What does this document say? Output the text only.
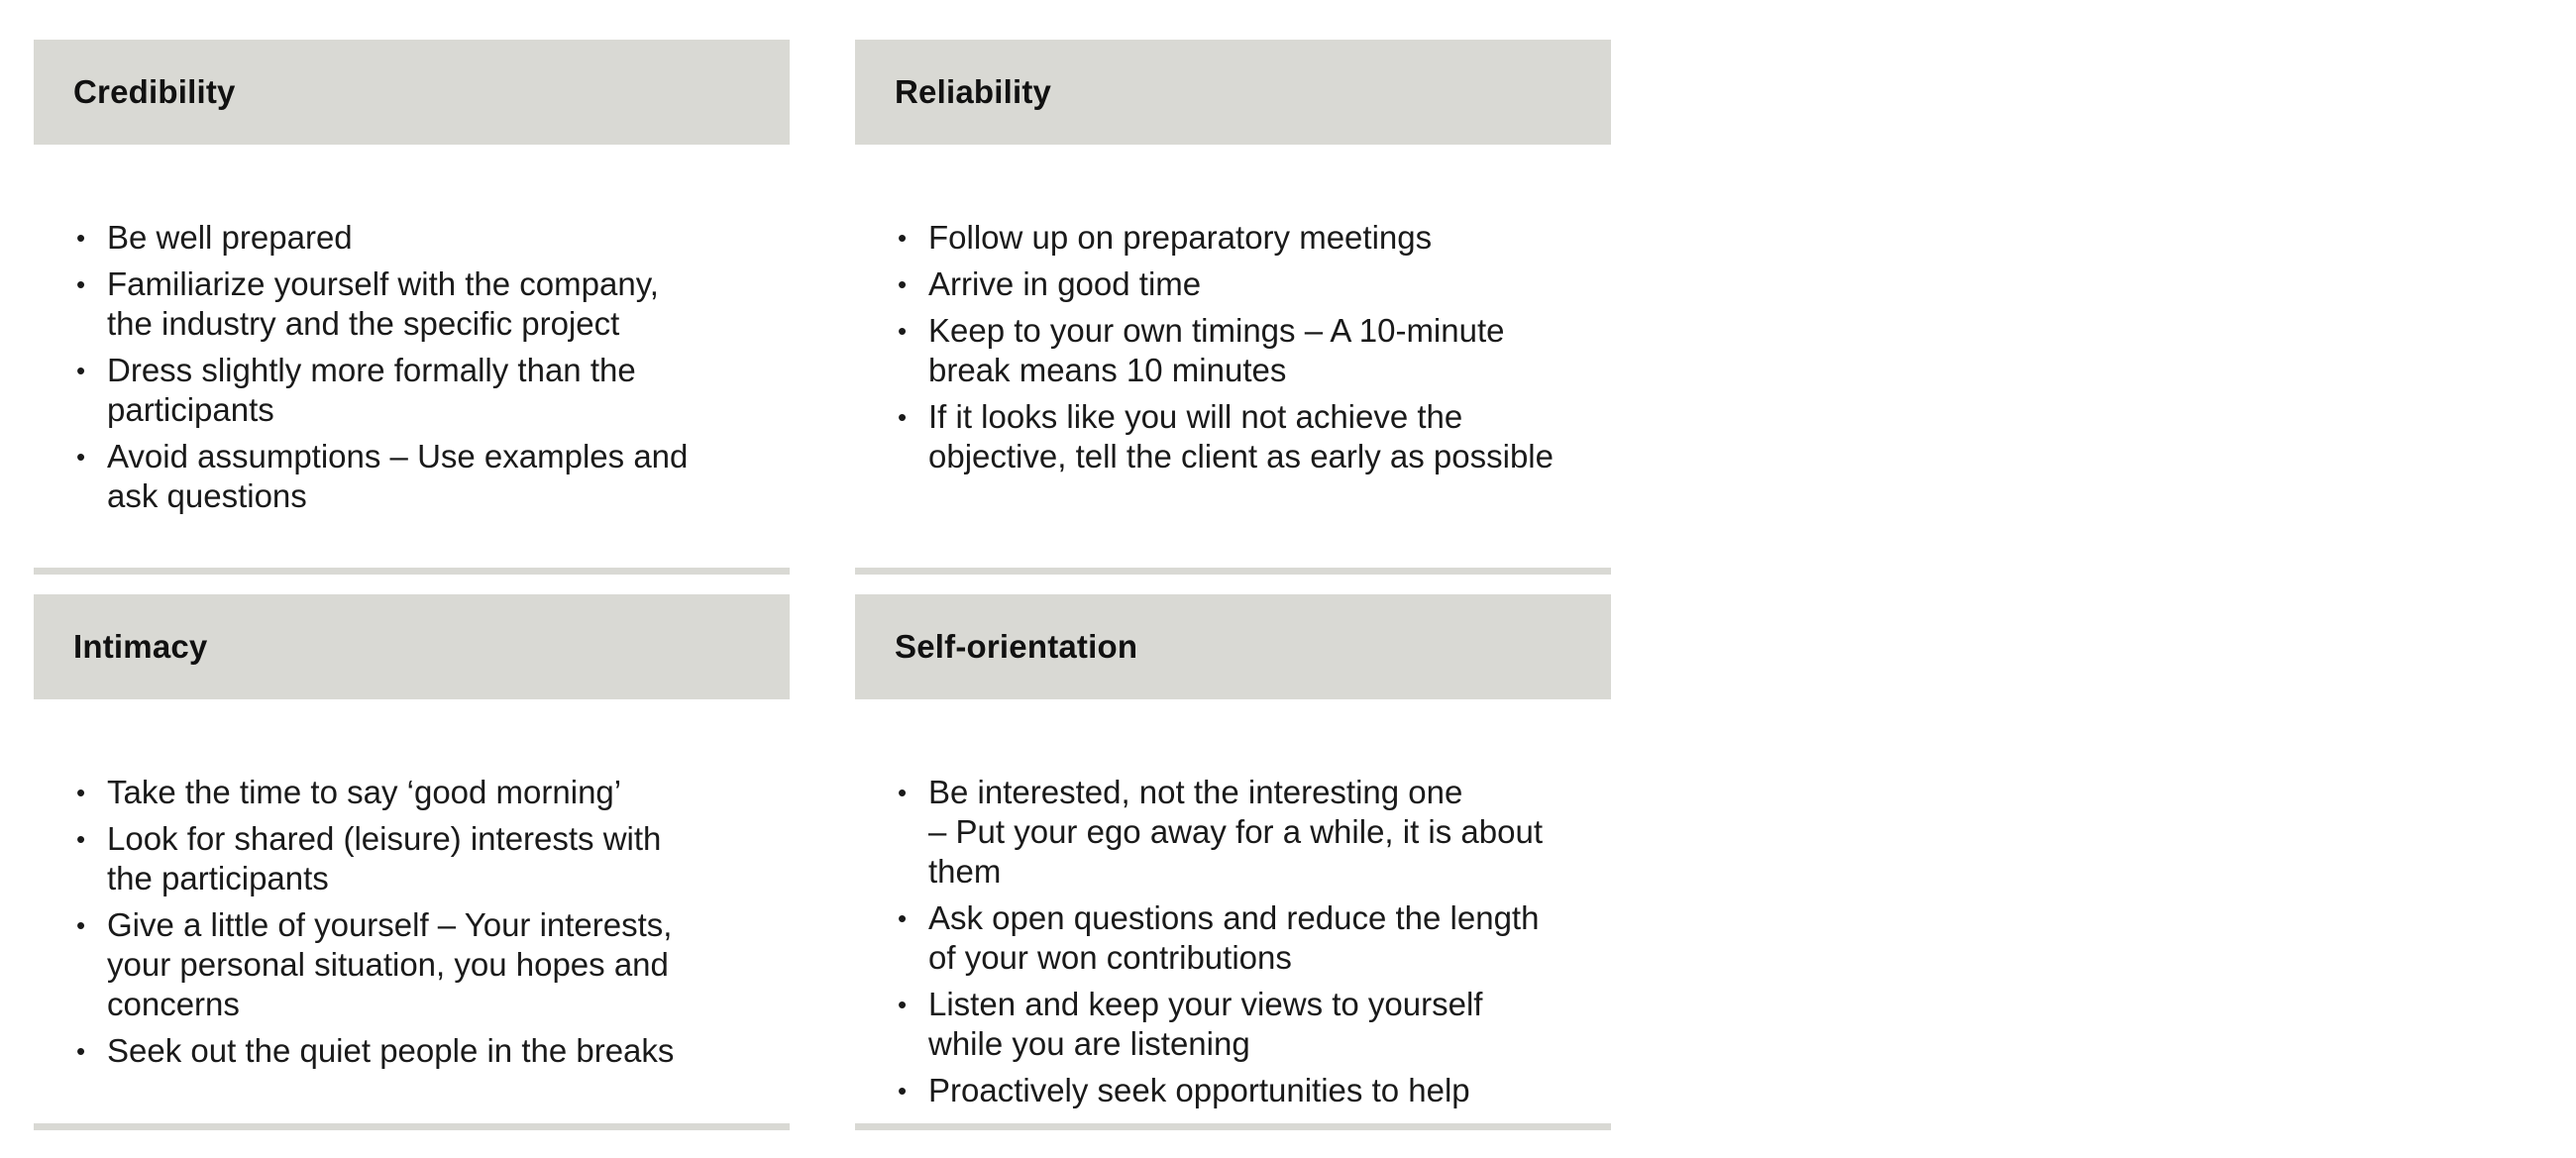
Credibility
• Be well prepared
• Familiarize yourself with the company,
the industry and the specific project
• Dress slightly more formally than the
participants
• Avoid assumptions – Use examples and
ask questions
Reliability
• Follow up on preparatory meetings
• Arrive in good time
• Keep to your own timings – A 10-minute
break means 10 minutes
• If it looks like you will not achieve the
objective, tell the client as early as possible
Intimacy
• Take the time to say ‘good morning’
• Look for shared (leisure) interests with
the participants
• Give a little of yourself – Your interests,
your personal situation, you hopes and
concerns
• Seek out the quiet people in the breaks
Self-orientation
• Be interested, not the interesting one
– Put your ego away for a while, it is about
them
• Ask open questions and reduce the length
of your won contributions
• Listen and keep your views to yourself
while you are listening
• Proactively seek opportunities to help
